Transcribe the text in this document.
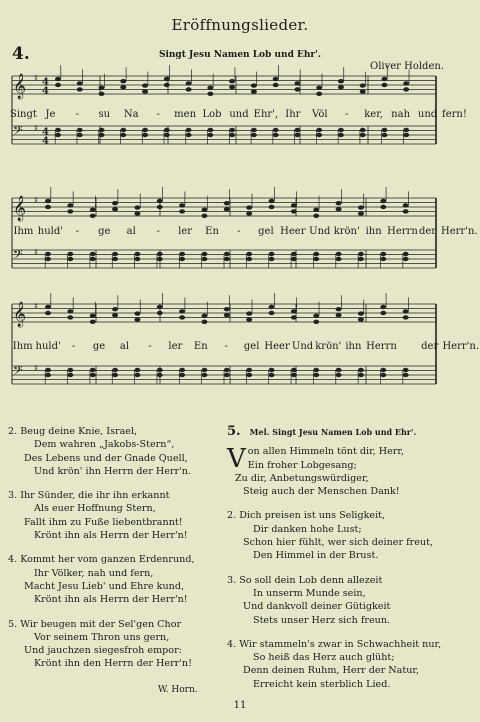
Eröffnungslieder.
4.	Singt Jesu Namen Lob und Ehr'.
Oliver Holden.
𝄞 ♯ 4
4
𝄢 ♯ 4
4
Singt Je - su Na - men Lob und Ehr', Ihr Völ - ker, nah und fern!
𝄞 ♯
𝄢 ♯
Ihm huld' - ge al - ler En - gel Heer Und krön' ihn Herrnder Herr'n.
𝄞 ♯
𝄢 ♯
Ihm huld' - ge al - ler En - gel Heer Und krön' ihn Herrn der Herr'n.
2. Beug deine Knie, Israel,
Dem wahren „Jakobs-Stern“,
Des Lebens und der Gnade Quell,
Und krön' ihn Herrn der Herr'n.
3. Ihr Sünder, die ihr ihn erkannt
Als euer Hoffnung Stern,
Fallt ihm zu Fuße liebentbrannt!
Krönt ihn als Herrn der Herr'n!
4. Kommt her vom ganzen Erdenrund,
Ihr Völker, nah und fern,
Macht Jesu Lieb' und Ehre kund,
Krönt ihn als Herrn der Herr'n!
5. Wir beugen mit der Sel'gen Chor
Vor seinem Thron uns gern,
Und jauchzen siegesfroh empor:
Krönt ihn den Herrn der Herr'n!
W. Horn.
5. Mel. Singt Jesu Namen Lob und Ehr'.
V on allen Himmeln tönt dir, Herr,
Ein froher Lobgesang;
Zu dir, Anbetungswürdiger,
Steig auch der Menschen Dank!
2. Dich preisen ist uns Seligkeit,
Dir danken hohe Lust;
Schon hier fühlt, wer sich deiner freut,
Den Himmel in der Brust.
3. So soll dein Lob denn allezeit
In unserm Munde sein,
Und dankvoll deiner Gütigkeit
Stets unser Herz sich freun.
4. Wir stammeln's zwar in Schwachheit nur,
So heiß das Herz auch glüht;
Denn deinen Ruhm, Herr der Natur,
Erreicht kein sterblich Lied.
11
